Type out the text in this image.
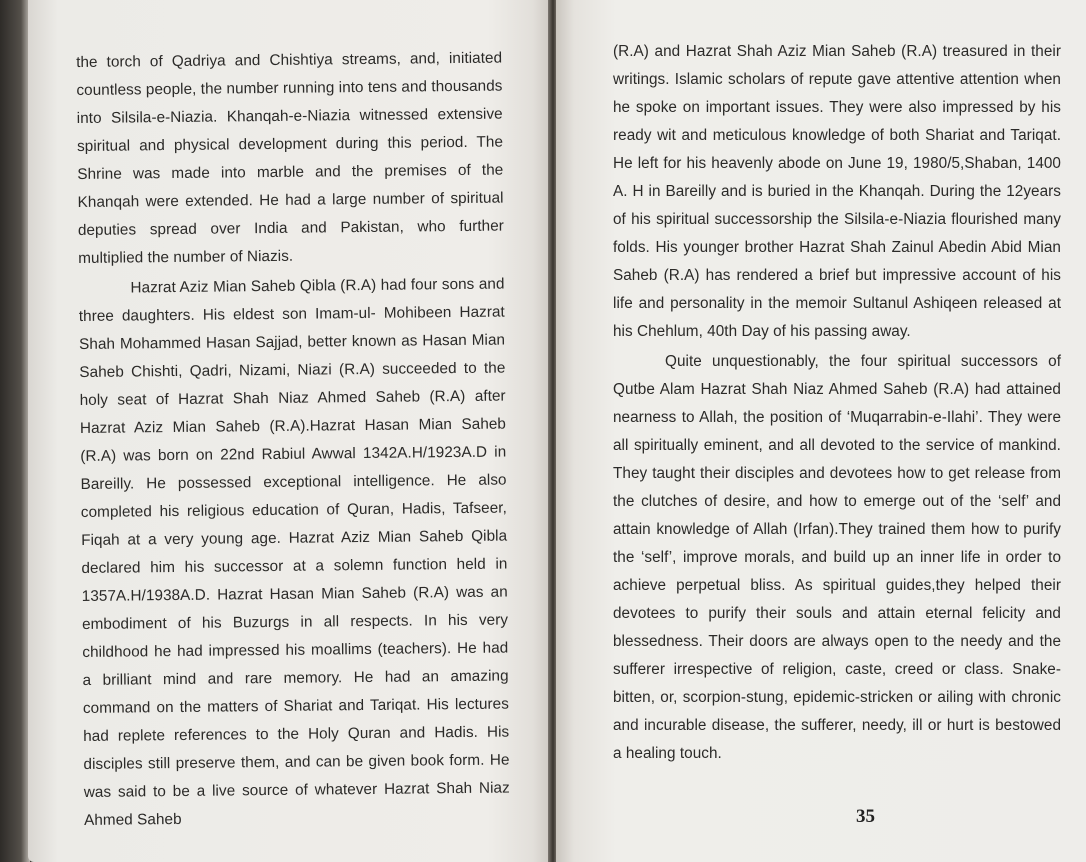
the torch of Qadriya and Chishtiya streams, and, initiated countless people, the number running into tens and thousands into Silsila-e-Niazia. Khanqah-e-Niazia witnessed extensive spiritual and physical development during this period. The Shrine was made into marble and the premises of the Khanqah were extended. He had a large number of spiritual deputies spread over India and Pakistan, who further multiplied the number of Niazis.

Hazrat Aziz Mian Saheb Qibla (R.A) had four sons and three daughters. His eldest son Imam-ul- Mohibeen Hazrat Shah Mohammed Hasan Sajjad, better known as Hasan Mian Saheb Chishti, Qadri, Nizami, Niazi (R.A) succeeded to the holy seat of Hazrat Shah Niaz Ahmed Saheb (R.A) after Hazrat Aziz Mian Saheb (R.A).Hazrat Hasan Mian Saheb (R.A) was born on 22nd Rabiul Awwal 1342A.H/1923A.D in Bareilly. He possessed exceptional intelligence. He also completed his religious education of Quran, Hadis, Tafseer, Fiqah at a very young age. Hazrat Aziz Mian Saheb Qibla declared him his successor at a solemn function held in 1357A.H/1938A.D. Hazrat Hasan Mian Saheb (R.A) was an embodiment of his Buzurgs in all respects. In his very childhood he had impressed his moallims (teachers). He had a brilliant mind and rare memory. He had an amazing command on the matters of Shariat and Tariqat. His lectures had replete references to the Holy Quran and Hadis. His disciples still preserve them, and can be given book form. He was said to be a live source of whatever Hazrat Shah Niaz Ahmed Saheb

(R.A) and Hazrat Shah Aziz Mian Saheb (R.A) treasured in their writings. Islamic scholars of repute gave attentive attention when he spoke on important issues. They were also impressed by his ready wit and meticulous knowledge of both Shariat and Tariqat. He left for his heavenly abode on June 19, 1980/5,Shaban, 1400 A. H in Bareilly and is buried in the Khanqah. During the 12years of his spiritual successorship the Silsila-e-Niazia flourished many folds. His younger brother Hazrat Shah Zainul Abedin Abid Mian Saheb (R.A) has rendered a brief but impressive account of his life and personality in the memoir Sultanul Ashiqeen released at his Chehlum, 40th Day of his passing away.

Quite unquestionably, the four spiritual successors of Qutbe Alam Hazrat Shah Niaz Ahmed Saheb (R.A) had attained nearness to Allah, the position of ‘Muqarrabin-e-Ilahi’. They were all spiritually eminent, and all devoted to the service of mankind. They taught their disciples and devotees how to get release from the clutches of desire, and how to emerge out of the ‘self’ and attain knowledge of Allah (Irfan).They trained them how to purify the ‘self’, improve morals, and build up an inner life in order to achieve perpetual bliss. As spiritual guides,they helped their devotees to purify their souls and attain eternal felicity and blessedness. Their doors are always open to the needy and the sufferer irrespective of religion, caste, creed or class. Snake-bitten, or, scorpion-stung, epidemic-stricken or ailing with chronic and incurable disease, the sufferer, needy, ill or hurt is bestowed a healing touch.

35
